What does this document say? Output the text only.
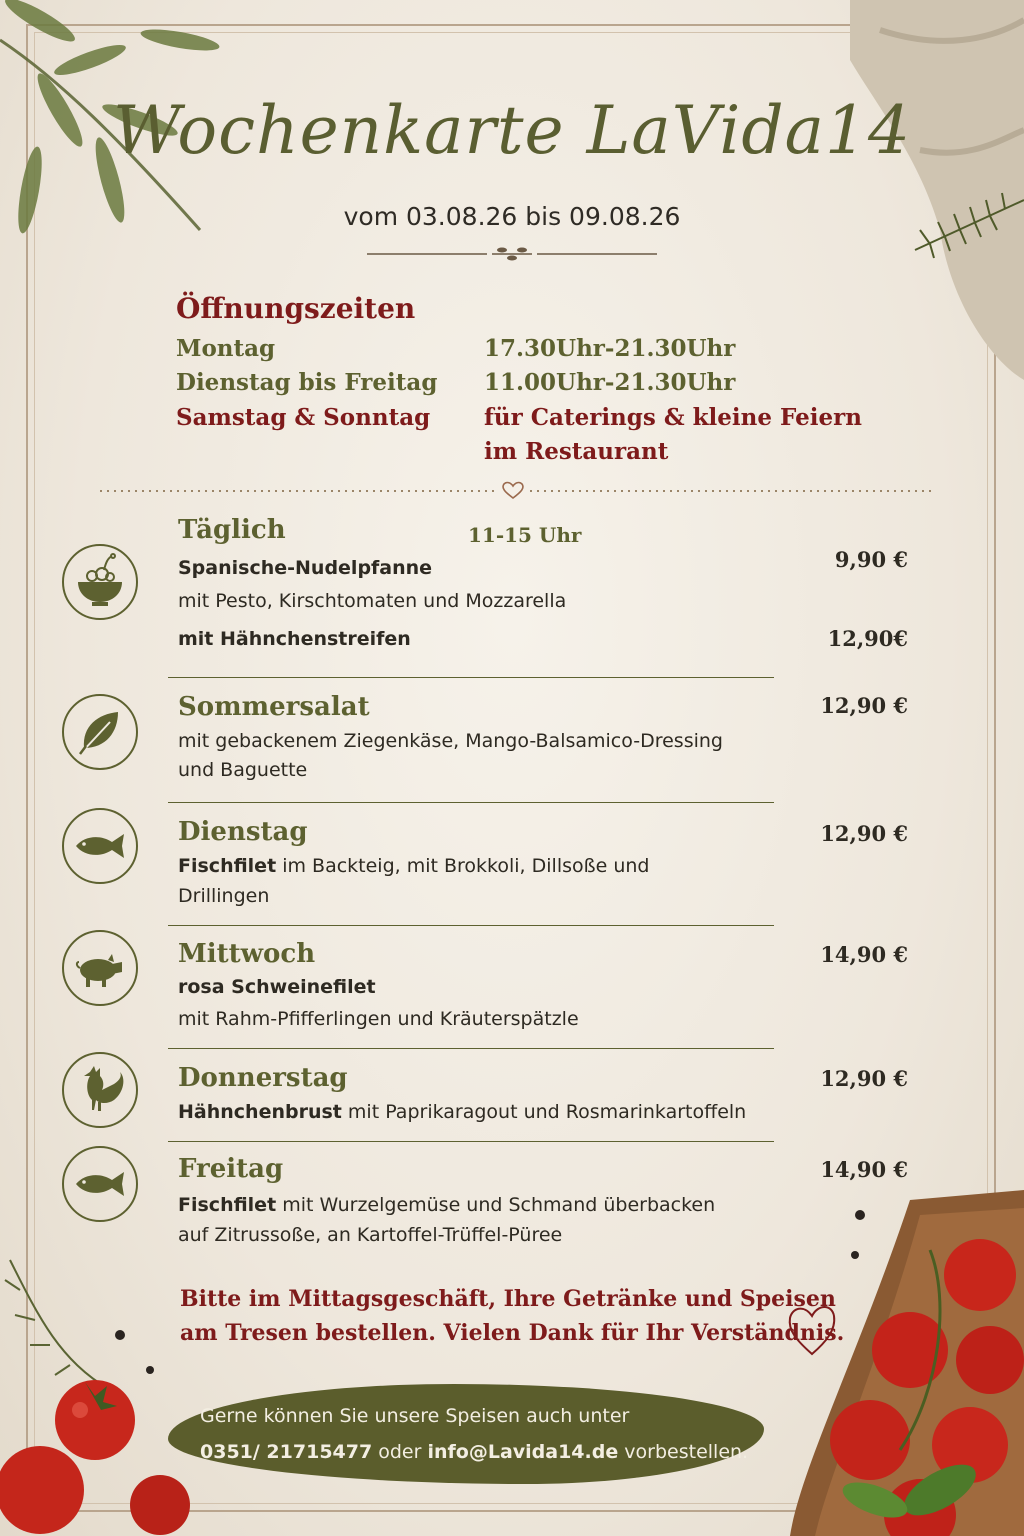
Wochenkarte LaVida14
vom 03.08.26 bis 09.08.26
Öffnungszeiten
Montag	17.30Uhr-21.30Uhr
Dienstag bis Freitag 11.00Uhr-21.30Uhr
Samstag & Sonntag für Caterings & kleine Feiern
im Restaurant
Täglich	11-15 Uhr
Spanische-Nudelpfanne	9,90 €
mit Pesto, Kirschtomaten und Mozzarella
mit Hähnchenstreifen	12,90€
Sommersalat	12,90 €
mit gebackenem Ziegenkäse, Mango-Balsamico-Dressing
und Baguette
Dienstag	12,90 €
Fischfilet im Backteig, mit Brokkoli, Dillsoße und
Drillingen
Mittwoch	14,90 €
rosa Schweinefilet
mit Rahm-Pfifferlingen und Kräuterspätzle
Donnerstag	12,90 €
Hähnchenbrust mit Paprikaragout und Rosmarinkartoffeln
Freitag	14,90 €
Fischfilet mit Wurzelgemüse und Schmand überbacken
auf Zitrussoße, an Kartoffel-Trüffel-Püree
Bitte im Mittagsgeschäft, Ihre Getränke und Speisen
am Tresen bestellen. Vielen Dank für Ihr Verständnis.
Gerne können Sie unsere Speisen auch unter
0351/ 21715477 oder info@Lavida14.de vorbestellen.
